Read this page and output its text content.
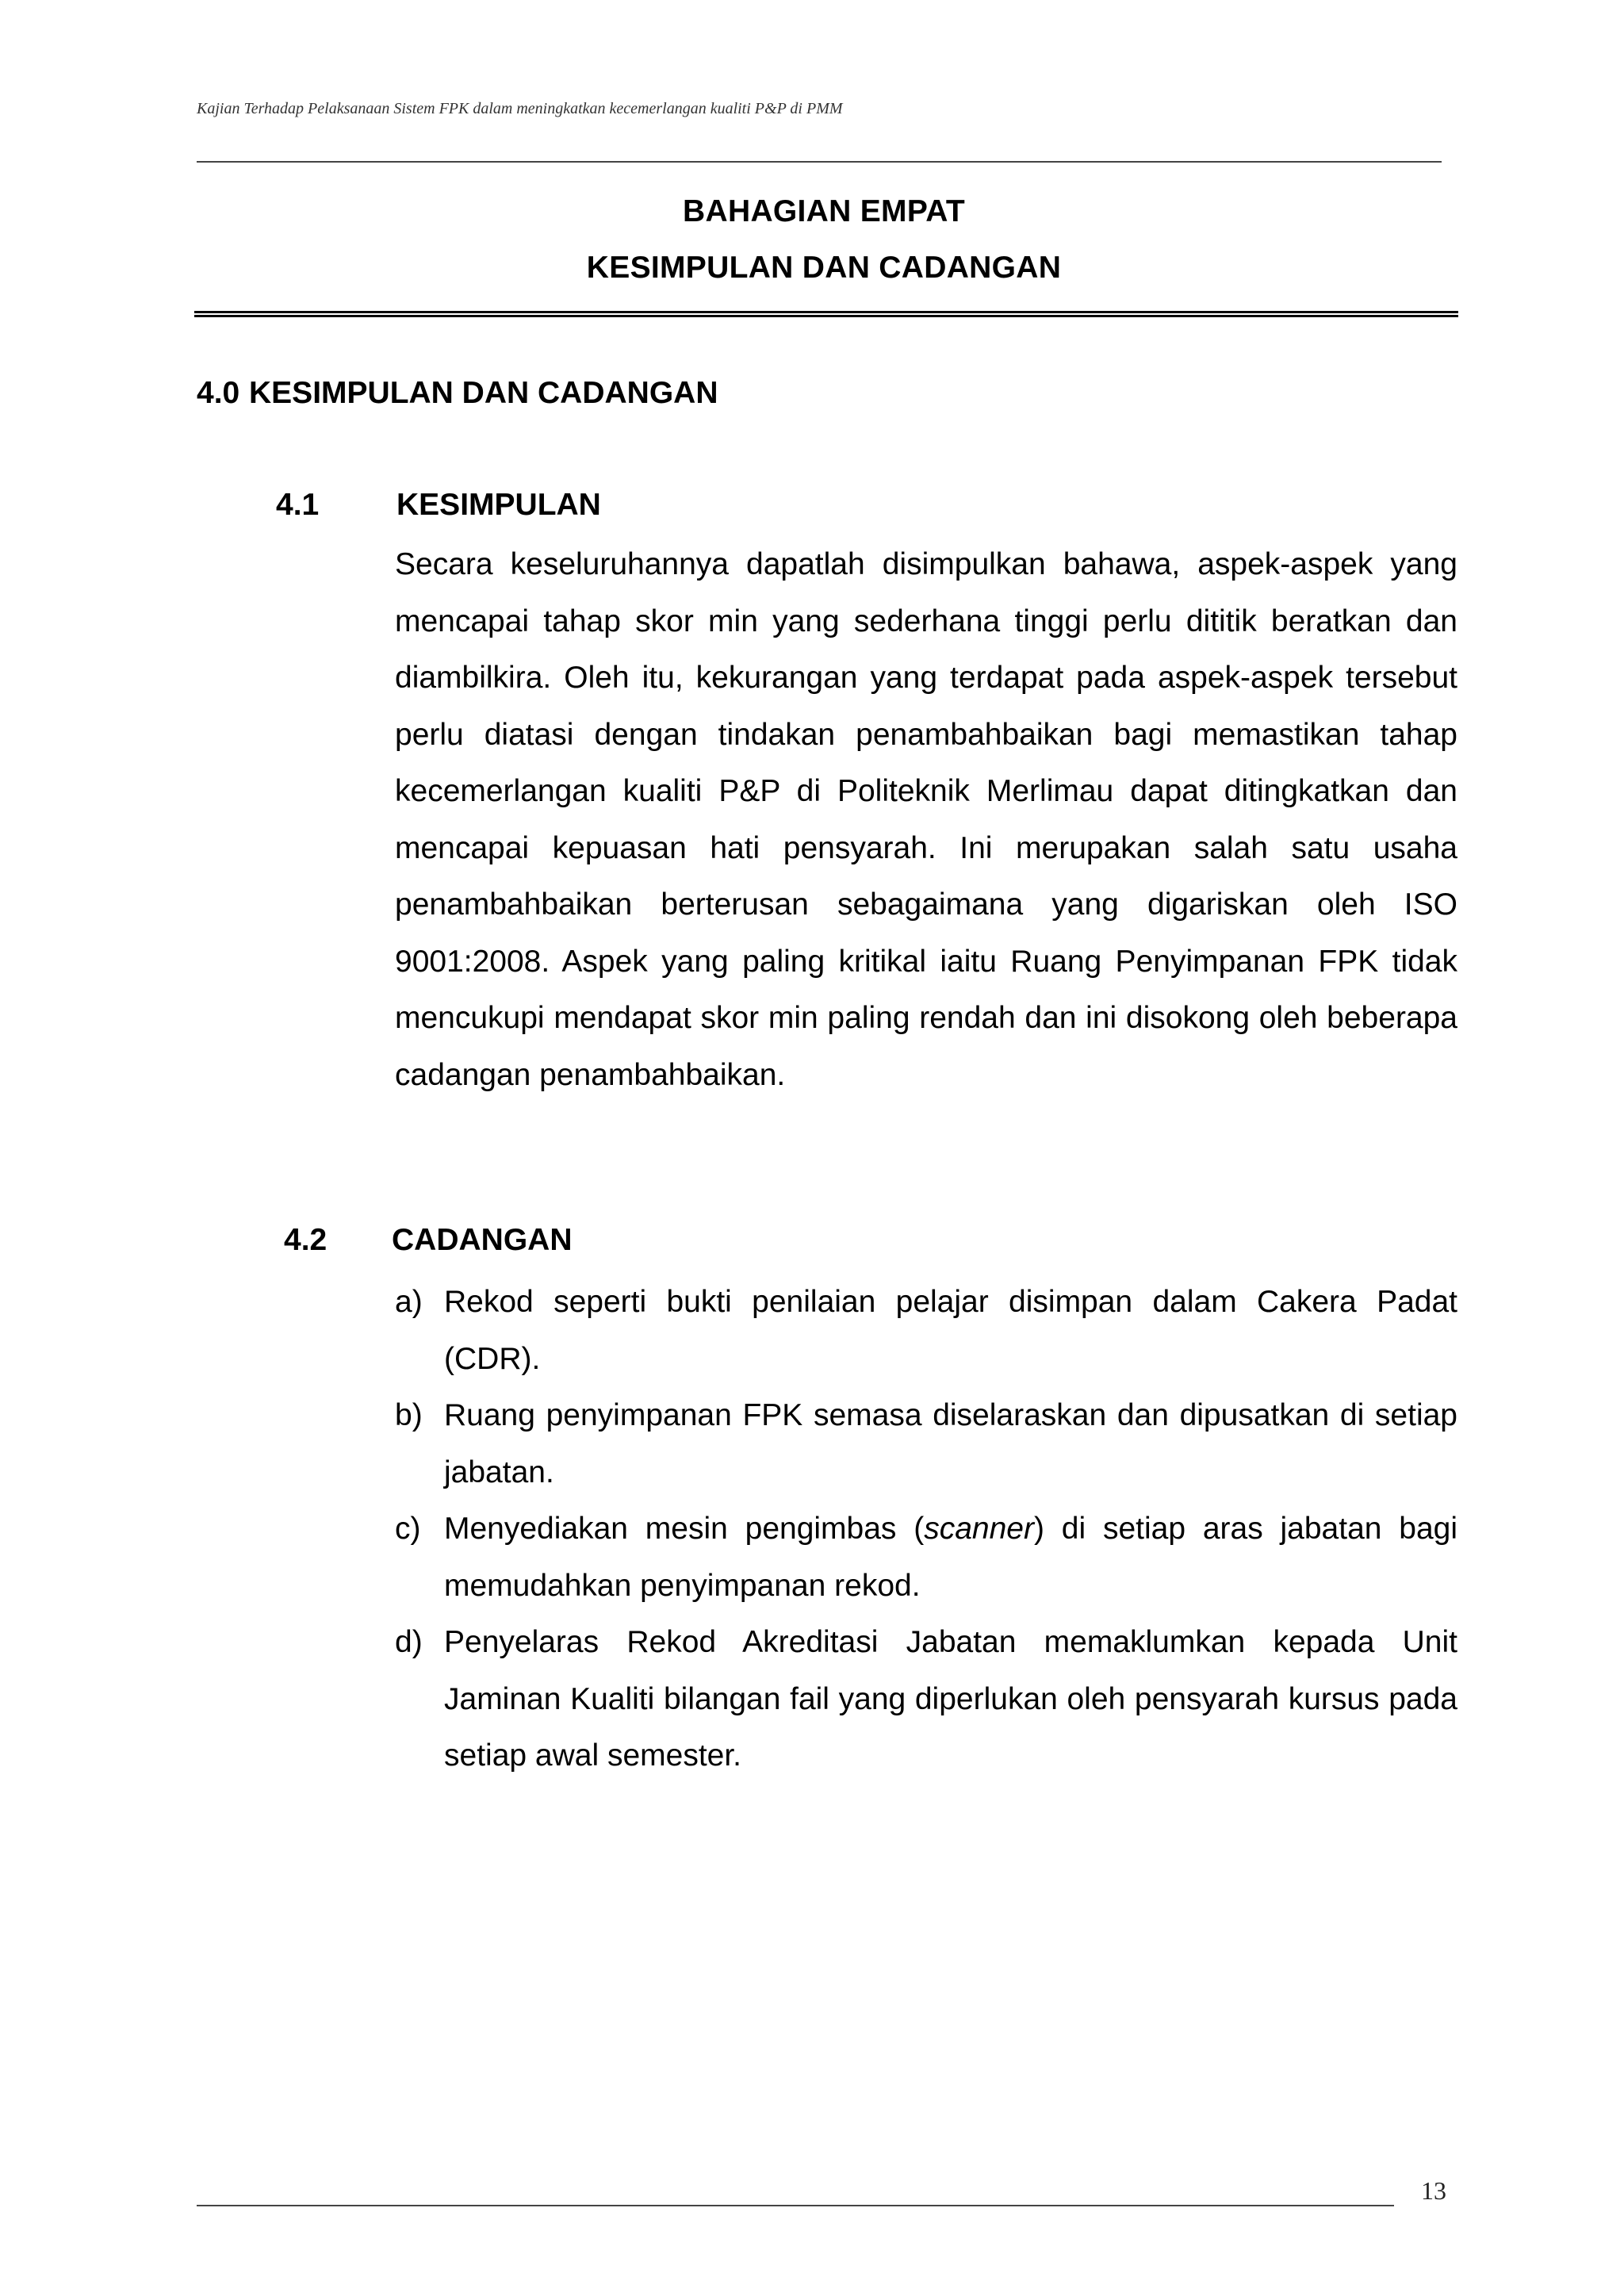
Kajian Terhadap Pelaksanaan Sistem FPK dalam meningkatkan kecemerlangan kualiti P&P di PMM
BAHAGIAN EMPAT
KESIMPULAN DAN CADANGAN
4.0 KESIMPULAN DAN CADANGAN
4.1	KESIMPULAN

Secara keseluruhannya dapatlah disimpulkan bahawa, aspek-aspek yang mencapai tahap skor min yang sederhana tinggi perlu dititik beratkan dan diambilkira. Oleh itu, kekurangan yang terdapat pada aspek-aspek tersebut perlu diatasi dengan tindakan penambahbaikan bagi memastikan tahap kecemerlangan kualiti P&P di Politeknik Merlimau dapat ditingkatkan dan mencapai kepuasan hati pensyarah. Ini merupakan salah satu usaha penambahbaikan berterusan sebagaimana yang digariskan oleh ISO 9001:2008. Aspek yang paling kritikal iaitu Ruang Penyimpanan FPK tidak mencukupi mendapat skor min paling rendah dan ini disokong oleh beberapa cadangan penambahbaikan.

4.2 CADANGAN
a) Rekod seperti bukti penilaian pelajar disimpan dalam Cakera Padat (CDR).
b) Ruang penyimpanan FPK semasa diselaraskan dan dipusatkan di setiap jabatan.
c) Menyediakan mesin pengimbas (scanner) di setiap aras jabatan bagi memudahkan penyimpanan rekod.
d) Penyelaras Rekod Akreditasi Jabatan memaklumkan kepada Unit Jaminan Kualiti bilangan fail yang diperlukan oleh pensyarah kursus pada setiap awal semester.
13
